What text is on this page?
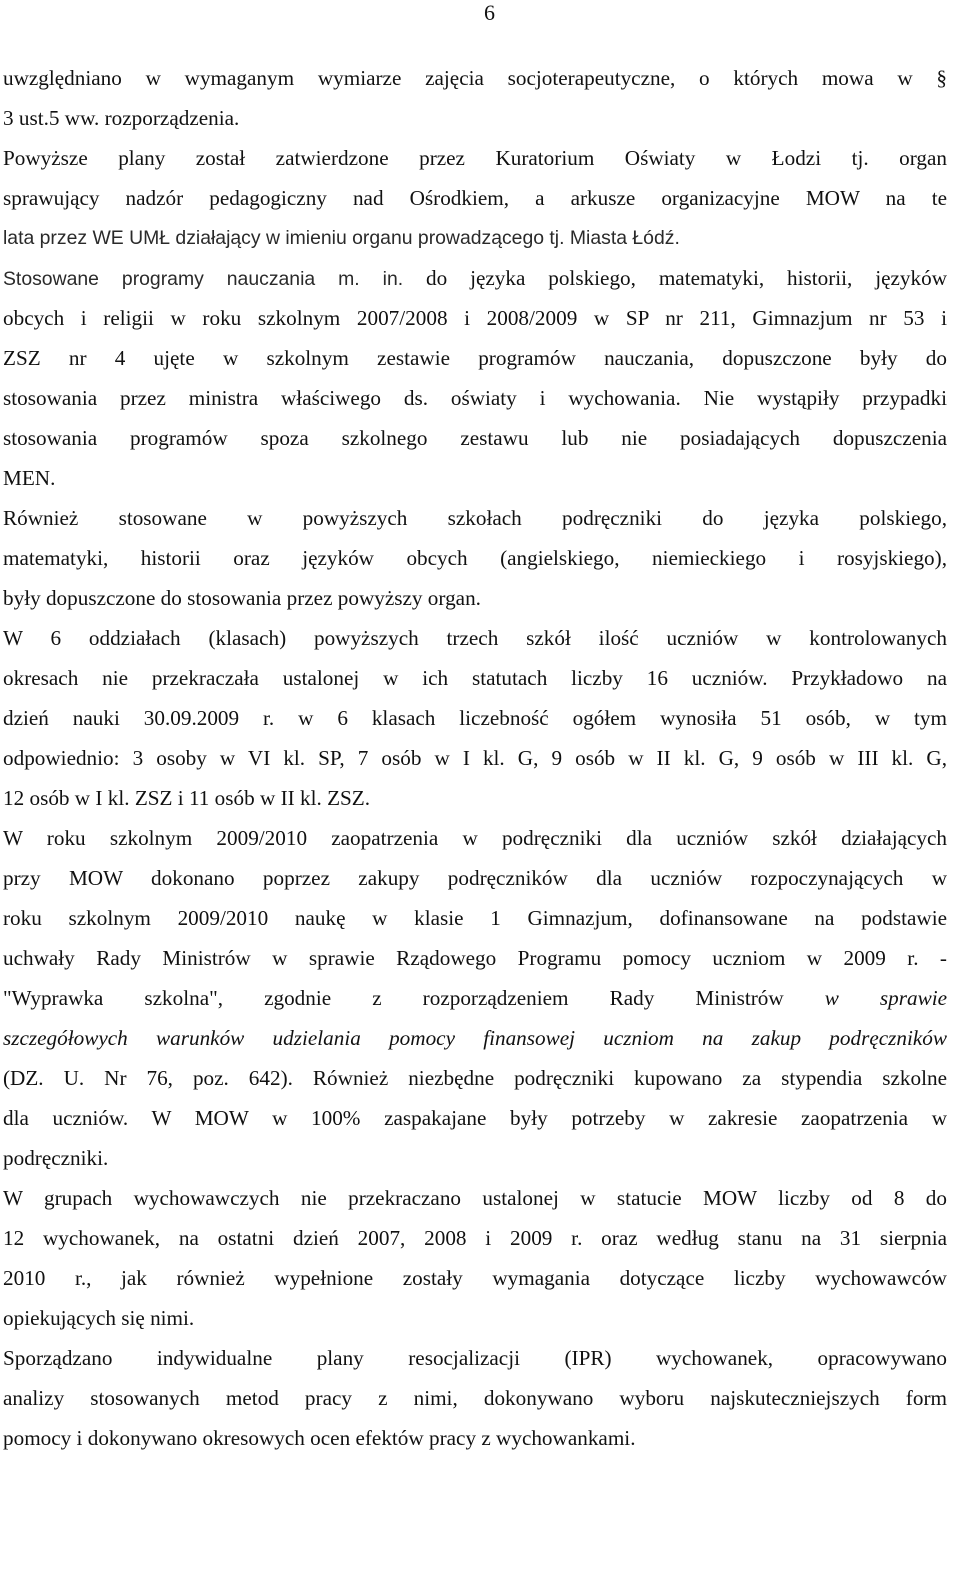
6
uwzględniano w wymaganym wymiarze zajęcia socjoterapeutyczne, o których mowa w §
3 ust.5 ww. rozporządzenia.
Powyższe plany został zatwierdzone przez Kuratorium Oświaty w Łodzi tj. organ
sprawujący nadzór pedagogiczny nad Ośrodkiem, a arkusze organizacyjne MOW na te
lata przez WE UMŁ działający w imieniu organu prowadzącego tj. Miasta Łódź.
Stosowane programy nauczania m. in. do języka polskiego, matematyki, historii, języków
obcych i religii w roku szkolnym 2007/2008 i 2008/2009 w SP nr 211, Gimnazjum nr 53 i
ZSZ nr 4 ujęte w szkolnym zestawie programów nauczania, dopuszczone były do
stosowania przez ministra właściwego ds. oświaty i wychowania. Nie wystąpiły przypadki
stosowania programów spoza szkolnego zestawu lub nie posiadających dopuszczenia
MEN.
Również stosowane w powyższych szkołach podręczniki do języka polskiego,
matematyki, historii oraz języków obcych (angielskiego, niemieckiego i rosyjskiego),
były dopuszczone do stosowania przez powyższy organ.
W 6 oddziałach (klasach) powyższych trzech szkół ilość uczniów w kontrolowanych
okresach nie przekraczała ustalonej w ich statutach liczby 16 uczniów. Przykładowo na
dzień nauki 30.09.2009 r. w 6 klasach liczebność ogółem wynosiła 51 osób, w tym
odpowiednio: 3 osoby w VI kl. SP, 7 osób w I kl. G, 9 osób w II kl. G, 9 osób w III kl. G,
12 osób w I kl. ZSZ i 11 osób w II kl. ZSZ.
W roku szkolnym 2009/2010 zaopatrzenia w podręczniki dla uczniów szkół działających
przy MOW dokonano poprzez zakupy podręczników dla uczniów rozpoczynających w
roku szkolnym 2009/2010 naukę w klasie 1 Gimnazjum, dofinansowane na podstawie
uchwały Rady Ministrów w sprawie Rządowego Programu pomocy uczniom w 2009 r. -
"Wyprawka szkolna", zgodnie z rozporządzeniem Rady Ministrów w sprawie
szczegółowych warunków udzielania pomocy finansowej uczniom na zakup podręczników
(DZ. U. Nr 76, poz. 642). Również niezbędne podręczniki kupowano za stypendia szkolne
dla uczniów. W MOW w 100% zaspakajane były potrzeby w zakresie zaopatrzenia w
podręczniki.
W grupach wychowawczych nie przekraczano ustalonej w statucie MOW liczby od 8 do
12 wychowanek, na ostatni dzień 2007, 2008 i 2009 r. oraz według stanu na 31 sierpnia
2010 r., jak również wypełnione zostały wymagania dotyczące liczby wychowawców
opiekujących się nimi.
Sporządzano indywidualne plany resocjalizacji (IPR) wychowanek, opracowywano
analizy stosowanych metod pracy z nimi, dokonywano wyboru najskuteczniejszych form
pomocy i dokonywano okresowych ocen efektów pracy z wychowankami.
